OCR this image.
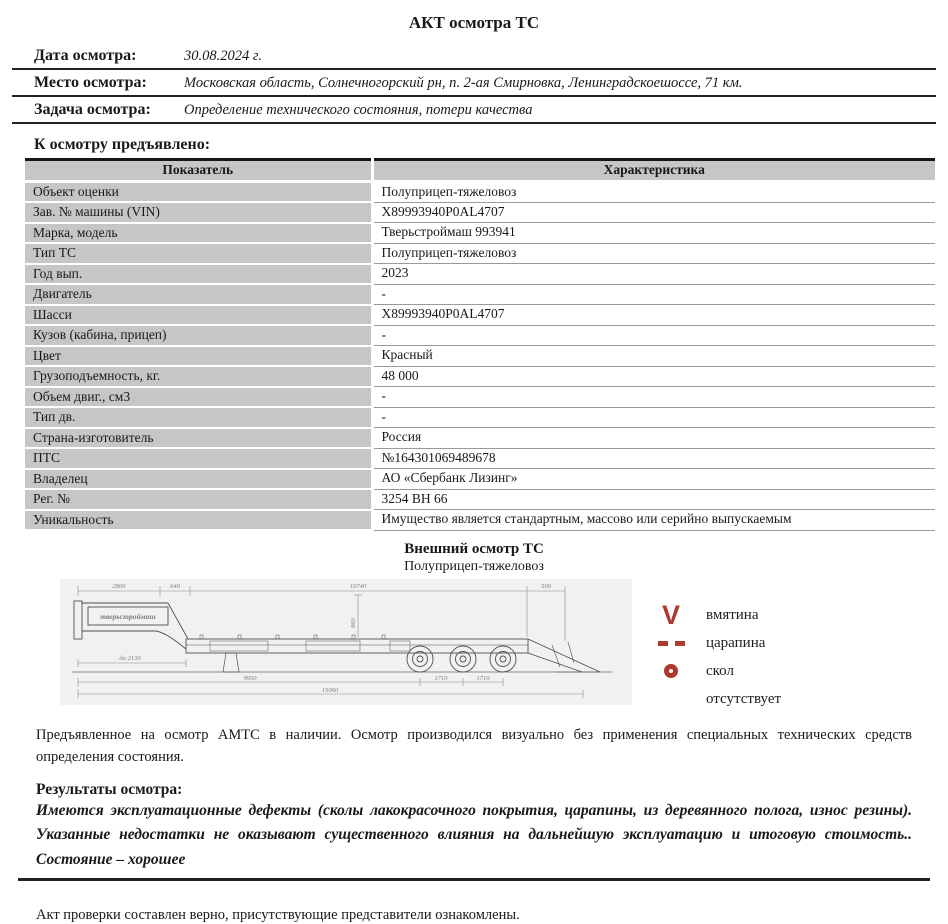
АКТ осмотра ТС
Дата осмотра:	30.08.2024 г.
Место осмотра:	Московская область, Солнечногорский рн, п. 2-ая Смирновка, Ленинградскоешоссе, 71 км.
Задача осмотра: Определение технического состояния, потери качества
К осмотру предъявлено:
Показатель	Характеристика
Объект оценки	Полуприцеп-тяжеловоз
Зав. № машины (VIN)	X89993940P0AL4707
Марка, модель	Тверьстроймаш 993941
Тип ТС	Полуприцеп-тяжеловоз
Год вып.	2023
Двигатель	-
Шасси	X89993940P0AL4707
Кузов (кабина, прицеп)	-
Цвет	Красный
Грузоподъемность, кг.	48 000
Объем двиг., см3	-
Тип дв.	-
Страна-изготовитель	Россия
ПТС	№164301069489678
Владелец	АО «Сбербанк Лизинг»
Рег. №	3254 ВН 66
Уникальность	Имущество является стандартным, массово или серийно выпускаемым
Внешний осмотр ТС
Полуприцеп-тяжеловоз
2800	640	10740	500
тверьстроймаш
860
до 2130
9950	1710	1710
15060
V вмятина
царапина
скол
отсутствует

Предъявленное на осмотр АМТС в наличии. Осмотр производился визуально без применения специальных технических средств определения состояния.

Результаты осмотра:

Имеются эксплуатационные дефекты (сколы лакокрасочного покрытия, царапины, из деревянного полога, износ резины). Указанные недостатки не оказывают существенного влияния на дальнейшую эксплуатацию и итоговую стоимость.. Состояние – хорошее

Акт проверки составлен верно, присутствующие представители ознакомлены.
